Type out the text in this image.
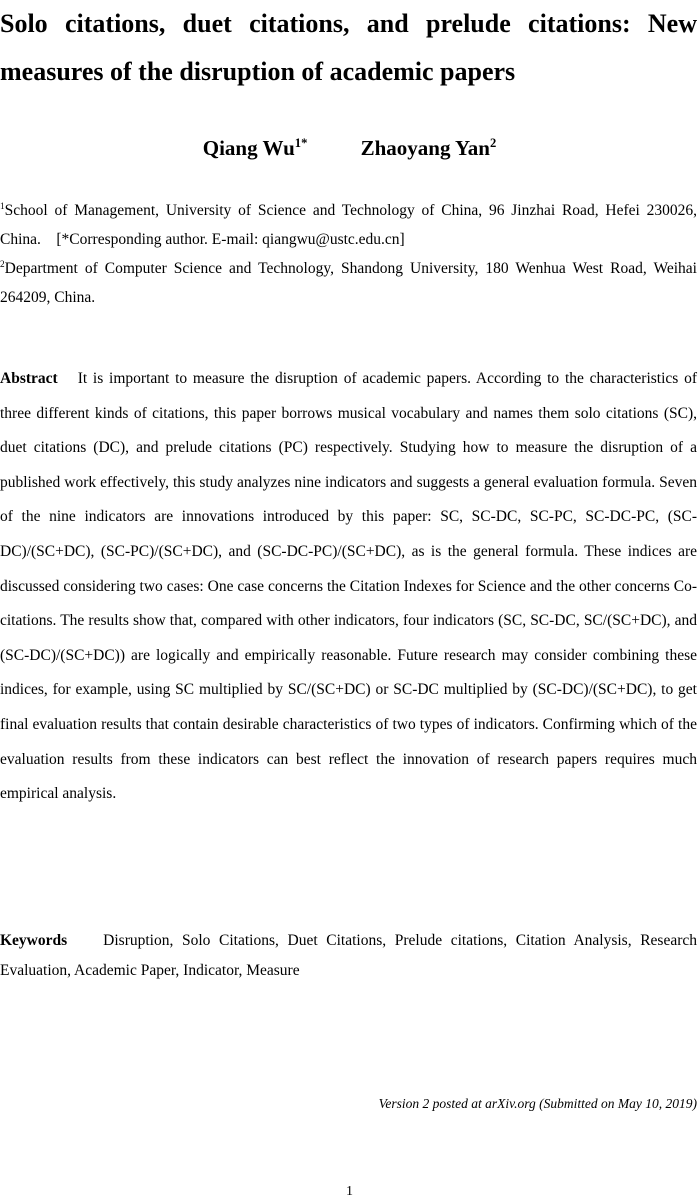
Solo citations, duet citations, and prelude citations: New measures of the disruption of academic papers
Qiang $Wu^{1*}$	Zhaoyang Yan$^2$
$^1$School of Management, University of Science and Technology of China, 96 Jinzhai Road, Hefei 230026, China.    [*Corresponding author. E-mail: qiangwu@ustc.edu.cn]
$^2$Department of Computer Science and Technology, Shandong University, 180 Wenhua West Road, Weihai 264209, China.
Abstract It is important to measure the disruption of academic papers. According to the characteristics of three different kinds of citations, this paper borrows musical vocabulary and names them solo citations (SC), duet citations (DC), and prelude citations (PC) respectively. Studying how to measure the disruption of a published work effectively, this study analyzes nine indicators and suggests a general evaluation formula. Seven of the nine indicators are innovations introduced by this paper: SC, SC-DC, SC-PC, SC-DC-PC, (SC-DC)/(SC+DC), (SC-PC)/(SC+DC), and (SC-DC-PC)/(SC+DC), as is the general formula. These indices are discussed considering two cases: One case concerns the Citation Indexes for Science and the other concerns Co-citations. The results show that, compared with other indicators, four indicators (SC, SC-DC, SC/(SC+DC), and (SC-DC)/(SC+DC)) are logically and empirically reasonable. Future research may consider combining these indices, for example, using SC multiplied by SC/(SC+DC) or SC-DC multiplied by (SC-DC)/(SC+DC), to get final evaluation results that contain desirable characteristics of two types of indicators. Confirming which of the evaluation results from these indicators can best reflect the innovation of research papers requires much empirical analysis.
Keywords Disruption, Solo Citations, Duet Citations, Prelude citations, Citation Analysis, Research Evaluation, Academic Paper, Indicator, Measure
Version 2 posted at arXiv.org (Submitted on May 10, 2019)
1
